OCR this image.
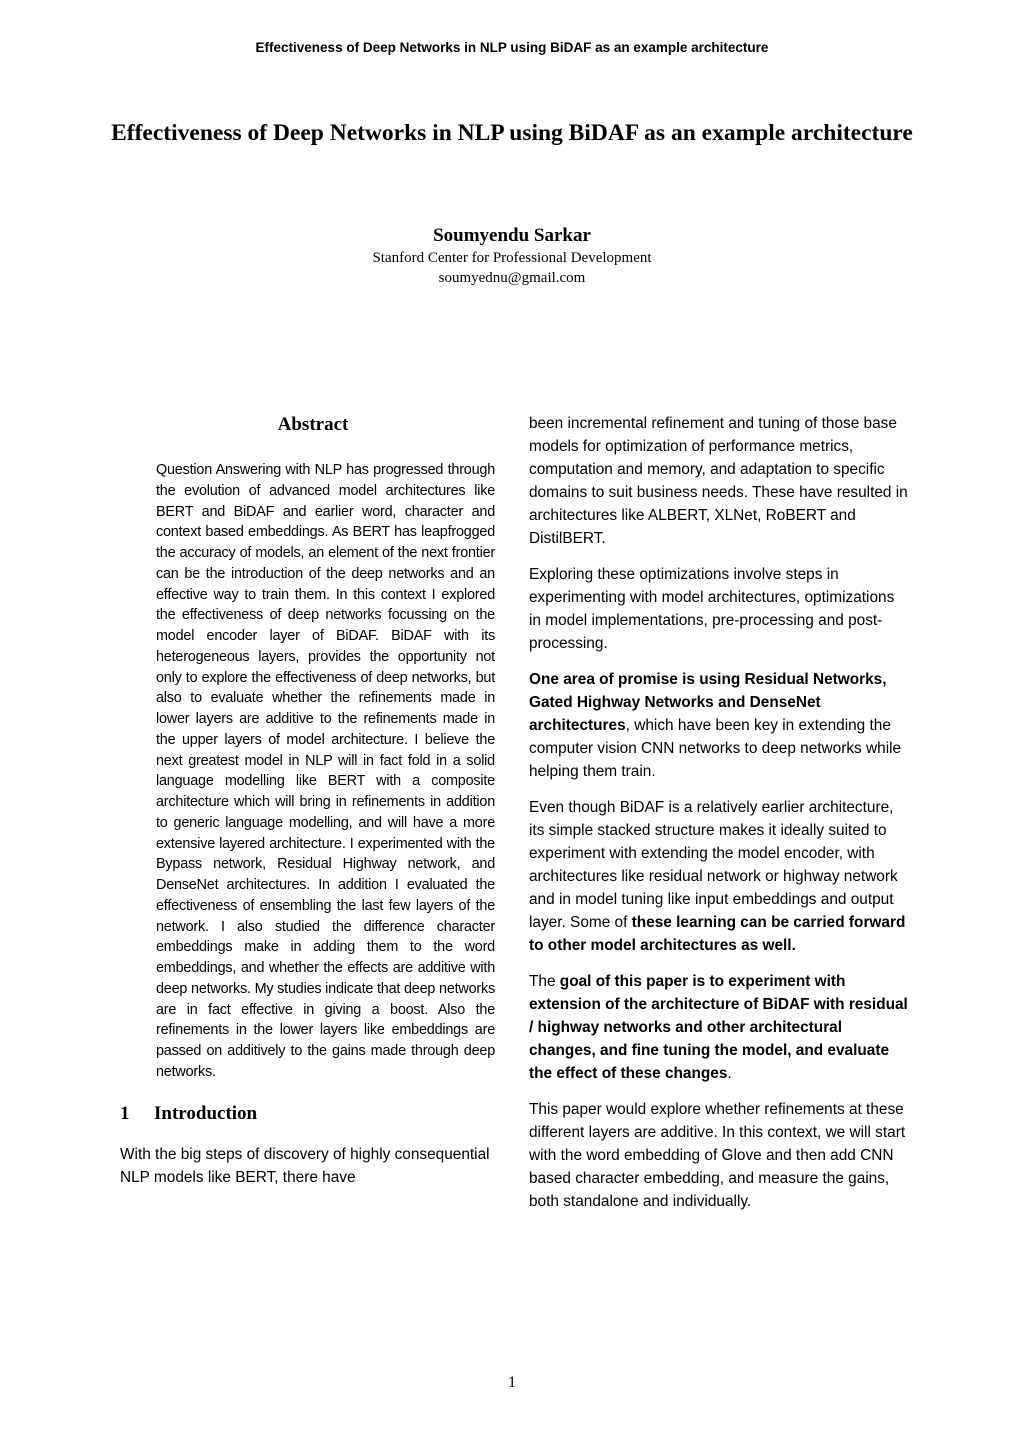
Effectiveness of Deep Networks in NLP using BiDAF as an example architecture
Effectiveness of Deep Networks in NLP using BiDAF as an example architecture
Soumyendu Sarkar
Stanford Center for Professional Development
soumyednu@gmail.com
Abstract

Question Answering with NLP has progressed through the evolution of advanced model architectures like BERT and BiDAF and earlier word, character and context based embeddings. As BERT has leapfrogged the accuracy of models, an element of the next frontier can be the introduction of the deep networks and an effective way to train them. In this context I explored the effectiveness of deep networks focussing on the model encoder layer of BiDAF. BiDAF with its heterogeneous layers, provides the opportunity not only to explore the effectiveness of deep networks, but also to evaluate whether the refinements made in lower layers are additive to the refinements made in the upper layers of model architecture. I believe the next greatest model in NLP will in fact fold in a solid language modelling like BERT with a composite architecture which will bring in refinements in addition to generic language modelling, and will have a more extensive layered architecture. I experimented with the Bypass network, Residual Highway network, and DenseNet architectures. In addition I evaluated the effectiveness of ensembling the last few layers of the network. I also studied the difference character embeddings make in adding them to the word embeddings, and whether the effects are additive with deep networks. My studies indicate that deep networks are in fact effective in giving a boost. Also the refinements in the lower layers like embeddings are passed on additively to the gains made through deep networks.

1 Introduction

With the big steps of discovery of highly consequential NLP models like BERT, there have

been incremental refinement and tuning of those base models for optimization of performance metrics, computation and memory, and adaptation to specific domains to suit business needs. These have resulted in architectures like ALBERT, XLNet, RoBERT and DistilBERT.

Exploring these optimizations involve steps in experimenting with model architectures, optimizations in model implementations, pre-processing and post-processing.

One area of promise is using Residual Networks, Gated Highway Networks and DenseNet architectures, which have been key in extending the computer vision CNN networks to deep networks while helping them train.

Even though BiDAF is a relatively earlier architecture, its simple stacked structure makes it ideally suited to experiment with extending the model encoder, with architectures like residual network or highway network and in model tuning like input embeddings and output layer. Some of these learning can be carried forward to other model architectures as well.

The goal of this paper is to experiment with extension of the architecture of BiDAF with residual / highway networks and other architectural changes, and fine tuning the model, and evaluate the effect of these changes.

This paper would explore whether refinements at these different layers are additive. In this context, we will start with the word embedding of Glove and then add CNN based character embedding, and measure the gains, both standalone and individually.

1
